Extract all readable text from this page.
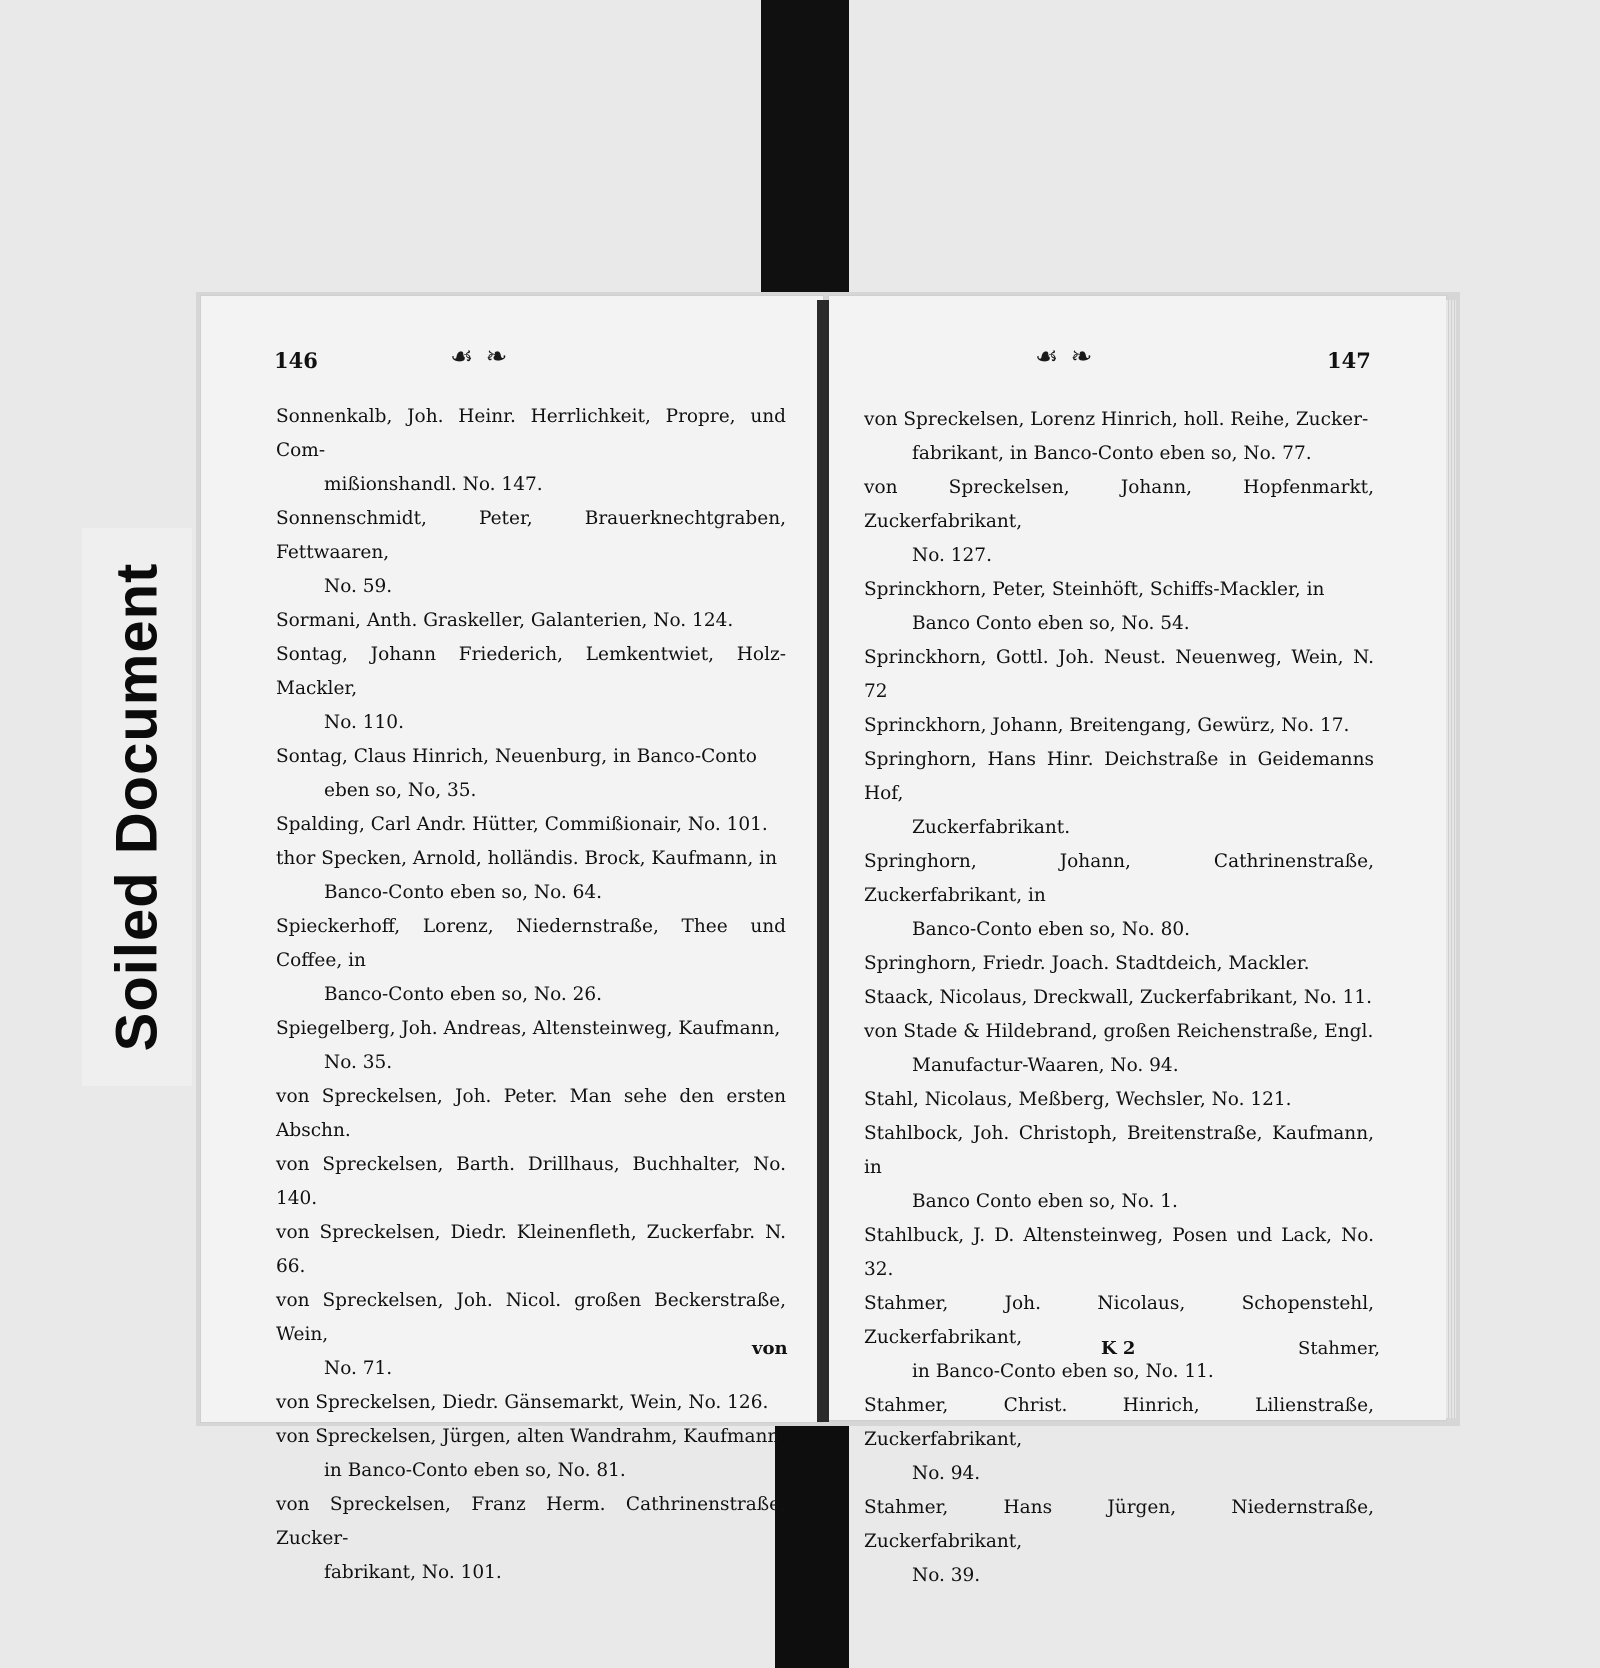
Soiled Document
146	☙ ❧	☙ ❧	147
Sonnenkalb, Joh. Heinr. Herrlichkeit, Propre, und Com-
mißionshandl. No. 147.
Sonnenschmidt, Peter, Brauerknechtgraben, Fettwaaren,
No. 59.
Sormani, Anth. Graskeller, Galanterien, No. 124.
Sontag, Johann Friederich, Lemkentwiet, Holz-Mackler,
No. 110.
Sontag, Claus Hinrich, Neuenburg, in Banco-Conto
eben so, No, 35.
Spalding, Carl Andr. Hütter, Commißionair, No. 101.
thor Specken, Arnold, holländis. Brock, Kaufmann, in
Banco-Conto eben so, No. 64.
Spieckerhoff, Lorenz, Niedernstraße, Thee und Coffee, in
Banco-Conto eben so, No. 26.
Spiegelberg, Joh. Andreas, Altensteinweg, Kaufmann,
No. 35.
von Spreckelsen, Joh. Peter. Man sehe den ersten Abschn.
von Spreckelsen, Barth. Drillhaus, Buchhalter, No. 140.
von Spreckelsen, Diedr. Kleinenfleth, Zuckerfabr. N. 66.
von Spreckelsen, Joh. Nicol. großen Beckerstraße, Wein,
No. 71.
von Spreckelsen, Diedr. Gänsemarkt, Wein, No. 126.
von Spreckelsen, Jürgen, alten Wandrahm, Kaufmann
in Banco-Conto eben so, No. 81.
von Spreckelsen, Franz Herm. Cathrinenstraße, Zucker-
fabrikant, No. 101.
von Spreckelsen, Lorenz Hinrich, holl. Reihe, Zucker-
fabrikant, in Banco-Conto eben so, No. 77.
von Spreckelsen, Johann, Hopfenmarkt, Zuckerfabrikant,
No. 127.
Sprinckhorn, Peter, Steinhöft, Schiffs-Mackler, in
Banco Conto eben so, No. 54.
Sprinckhorn, Gottl. Joh. Neust. Neuenweg, Wein, N. 72
Sprinckhorn, Johann, Breitengang, Gewürz, No. 17.
Springhorn, Hans Hinr. Deichstraße in Geidemanns Hof,
Zuckerfabrikant.
Springhorn, Johann, Cathrinenstraße, Zuckerfabrikant, in
Banco-Conto eben so, No. 80.
Springhorn, Friedr. Joach. Stadtdeich, Mackler.
Staack, Nicolaus, Dreckwall, Zuckerfabrikant, No. 11.
von Stade & Hildebrand, großen Reichenstraße, Engl.
Manufactur-Waaren, No. 94.
Stahl, Nicolaus, Meßberg, Wechsler, No. 121.
Stahlbock, Joh. Christoph, Breitenstraße, Kaufmann, in
Banco Conto eben so, No. 1.
Stahlbuck, J. D. Altensteinweg, Posen und Lack, No. 32.
Stahmer, Joh. Nicolaus, Schopenstehl, Zuckerfabrikant,
in Banco-Conto eben so, No. 11.
Stahmer, Christ. Hinrich, Lilienstraße, Zuckerfabrikant,
No. 94.
Stahmer, Hans Jürgen, Niedernstraße, Zuckerfabrikant,
No. 39.
von	K 2	Stahmer,
